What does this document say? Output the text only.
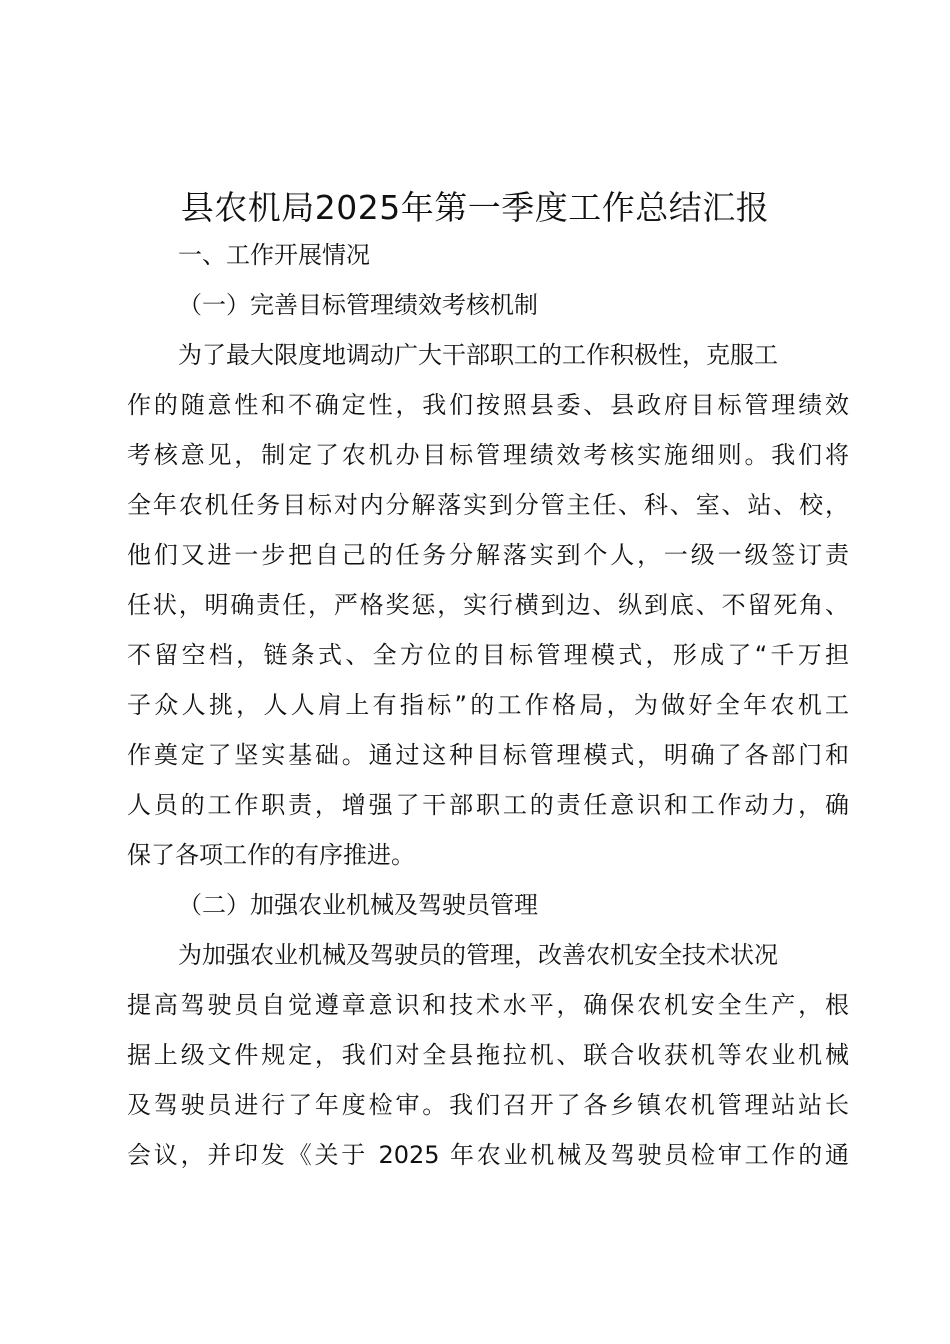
县农机局2025年第一季度工作总结汇报
一、工作开展情况
（一）完善目标管理绩效考核机制
为了最大限度地调动广大干部职工的工作积极性，克服工
作的随意性和不确定性，我们按照县委、县政府目标管理绩效
考核意见，制定了农机办目标管理绩效考核实施细则。我们将
全年农机任务目标对内分解落实到分管主任、科、室、站、校，
他们又进一步把自己的任务分解落实到个人，一级一级签订责
任状，明确责任，严格奖惩，实行横到边、纵到底、不留死角、
不留空档，链条式、全方位的目标管理模式，形成了“千万担
子众人挑，人人肩上有指标”的工作格局，为做好全年农机工
作奠定了坚实基础。通过这种目标管理模式，明确了各部门和
人员的工作职责，增强了干部职工的责任意识和工作动力，确
保了各项工作的有序推进。
（二）加强农业机械及驾驶员管理
为加强农业机械及驾驶员的管理，改善农机安全技术状况
提高驾驶员自觉遵章意识和技术水平，确保农机安全生产，根
据上级文件规定，我们对全县拖拉机、联合收获机等农业机械
及驾驶员进行了年度检审。我们召开了各乡镇农机管理站站长
会议，并印发《关于 2025 年农业机械及驾驶员检审工作的通
